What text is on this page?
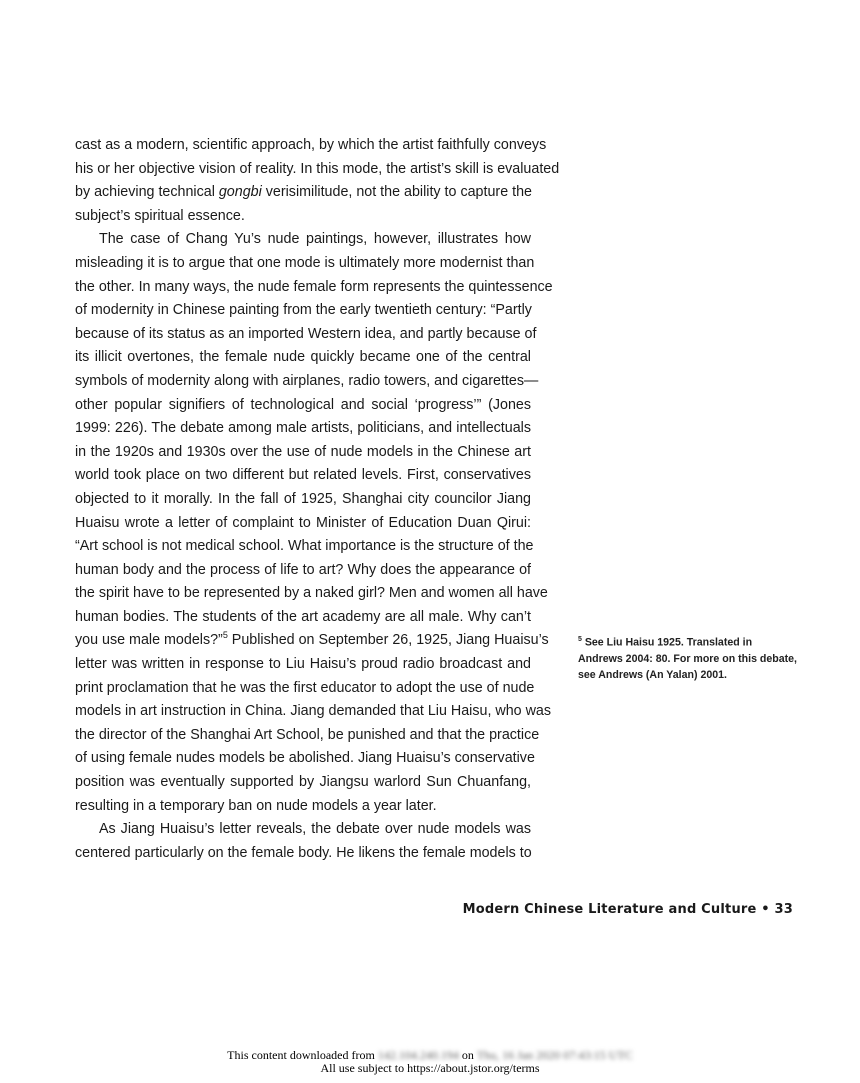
cast as a modern, scientific approach, by which the artist faithfully conveys
his or her objective vision of reality. In this mode, the artist’s skill is evaluated
by achieving technical gongbi verisimilitude, not the ability to capture the
subject’s spiritual essence.
The case of Chang Yu’s nude paintings, however, illustrates how
misleading it is to argue that one mode is ultimately more modernist than
the other. In many ways, the nude female form represents the quintessence
of modernity in Chinese painting from the early twentieth century: “Partly
because of its status as an imported Western idea, and partly because of
its illicit overtones, the female nude quickly became one of the central
symbols of modernity along with airplanes, radio towers, and cigarettes—
other popular signifiers of technological and social ‘progress’” (Jones
1999: 226). The debate among male artists, politicians, and intellectuals
in the 1920s and 1930s over the use of nude models in the Chinese art
world took place on two different but related levels. First, conservatives
objected to it morally. In the fall of 1925, Shanghai city councilor Jiang
Huaisu wrote a letter of complaint to Minister of Education Duan Qirui:
“Art school is not medical school. What importance is the structure of the
human body and the process of life to art? Why does the appearance of
the spirit have to be represented by a naked girl? Men and women all have
human bodies. The students of the art academy are all male. Why can’t
you use male models?”$^5$ Published on September 26, 1925, Jiang Huaisu’s
letter was written in response to Liu Haisu’s proud radio broadcast and
print proclamation that he was the first educator to adopt the use of nude
models in art instruction in China. Jiang demanded that Liu Haisu, who was
the director of the Shanghai Art School, be punished and that the practice
of using female nudes models be abolished. Jiang Huaisu’s conservative
position was eventually supported by Jiangsu warlord Sun Chuanfang,
resulting in a temporary ban on nude models a year later.
As Jiang Huaisu’s letter reveals, the debate over nude models was
centered particularly on the female body. He likens the female models to
$^5$ See Liu Haisu 1925. Translated in Andrews 2004: 80. For more on this debate, see Andrews (An Yalan) 2001.
Modern Chinese Literature and Culture • 33
This content downloaded from 142.104.240.194 on Thu, 16 Jan 2020 07:43:15 UTC
All use subject to https://about.jstor.org/terms
